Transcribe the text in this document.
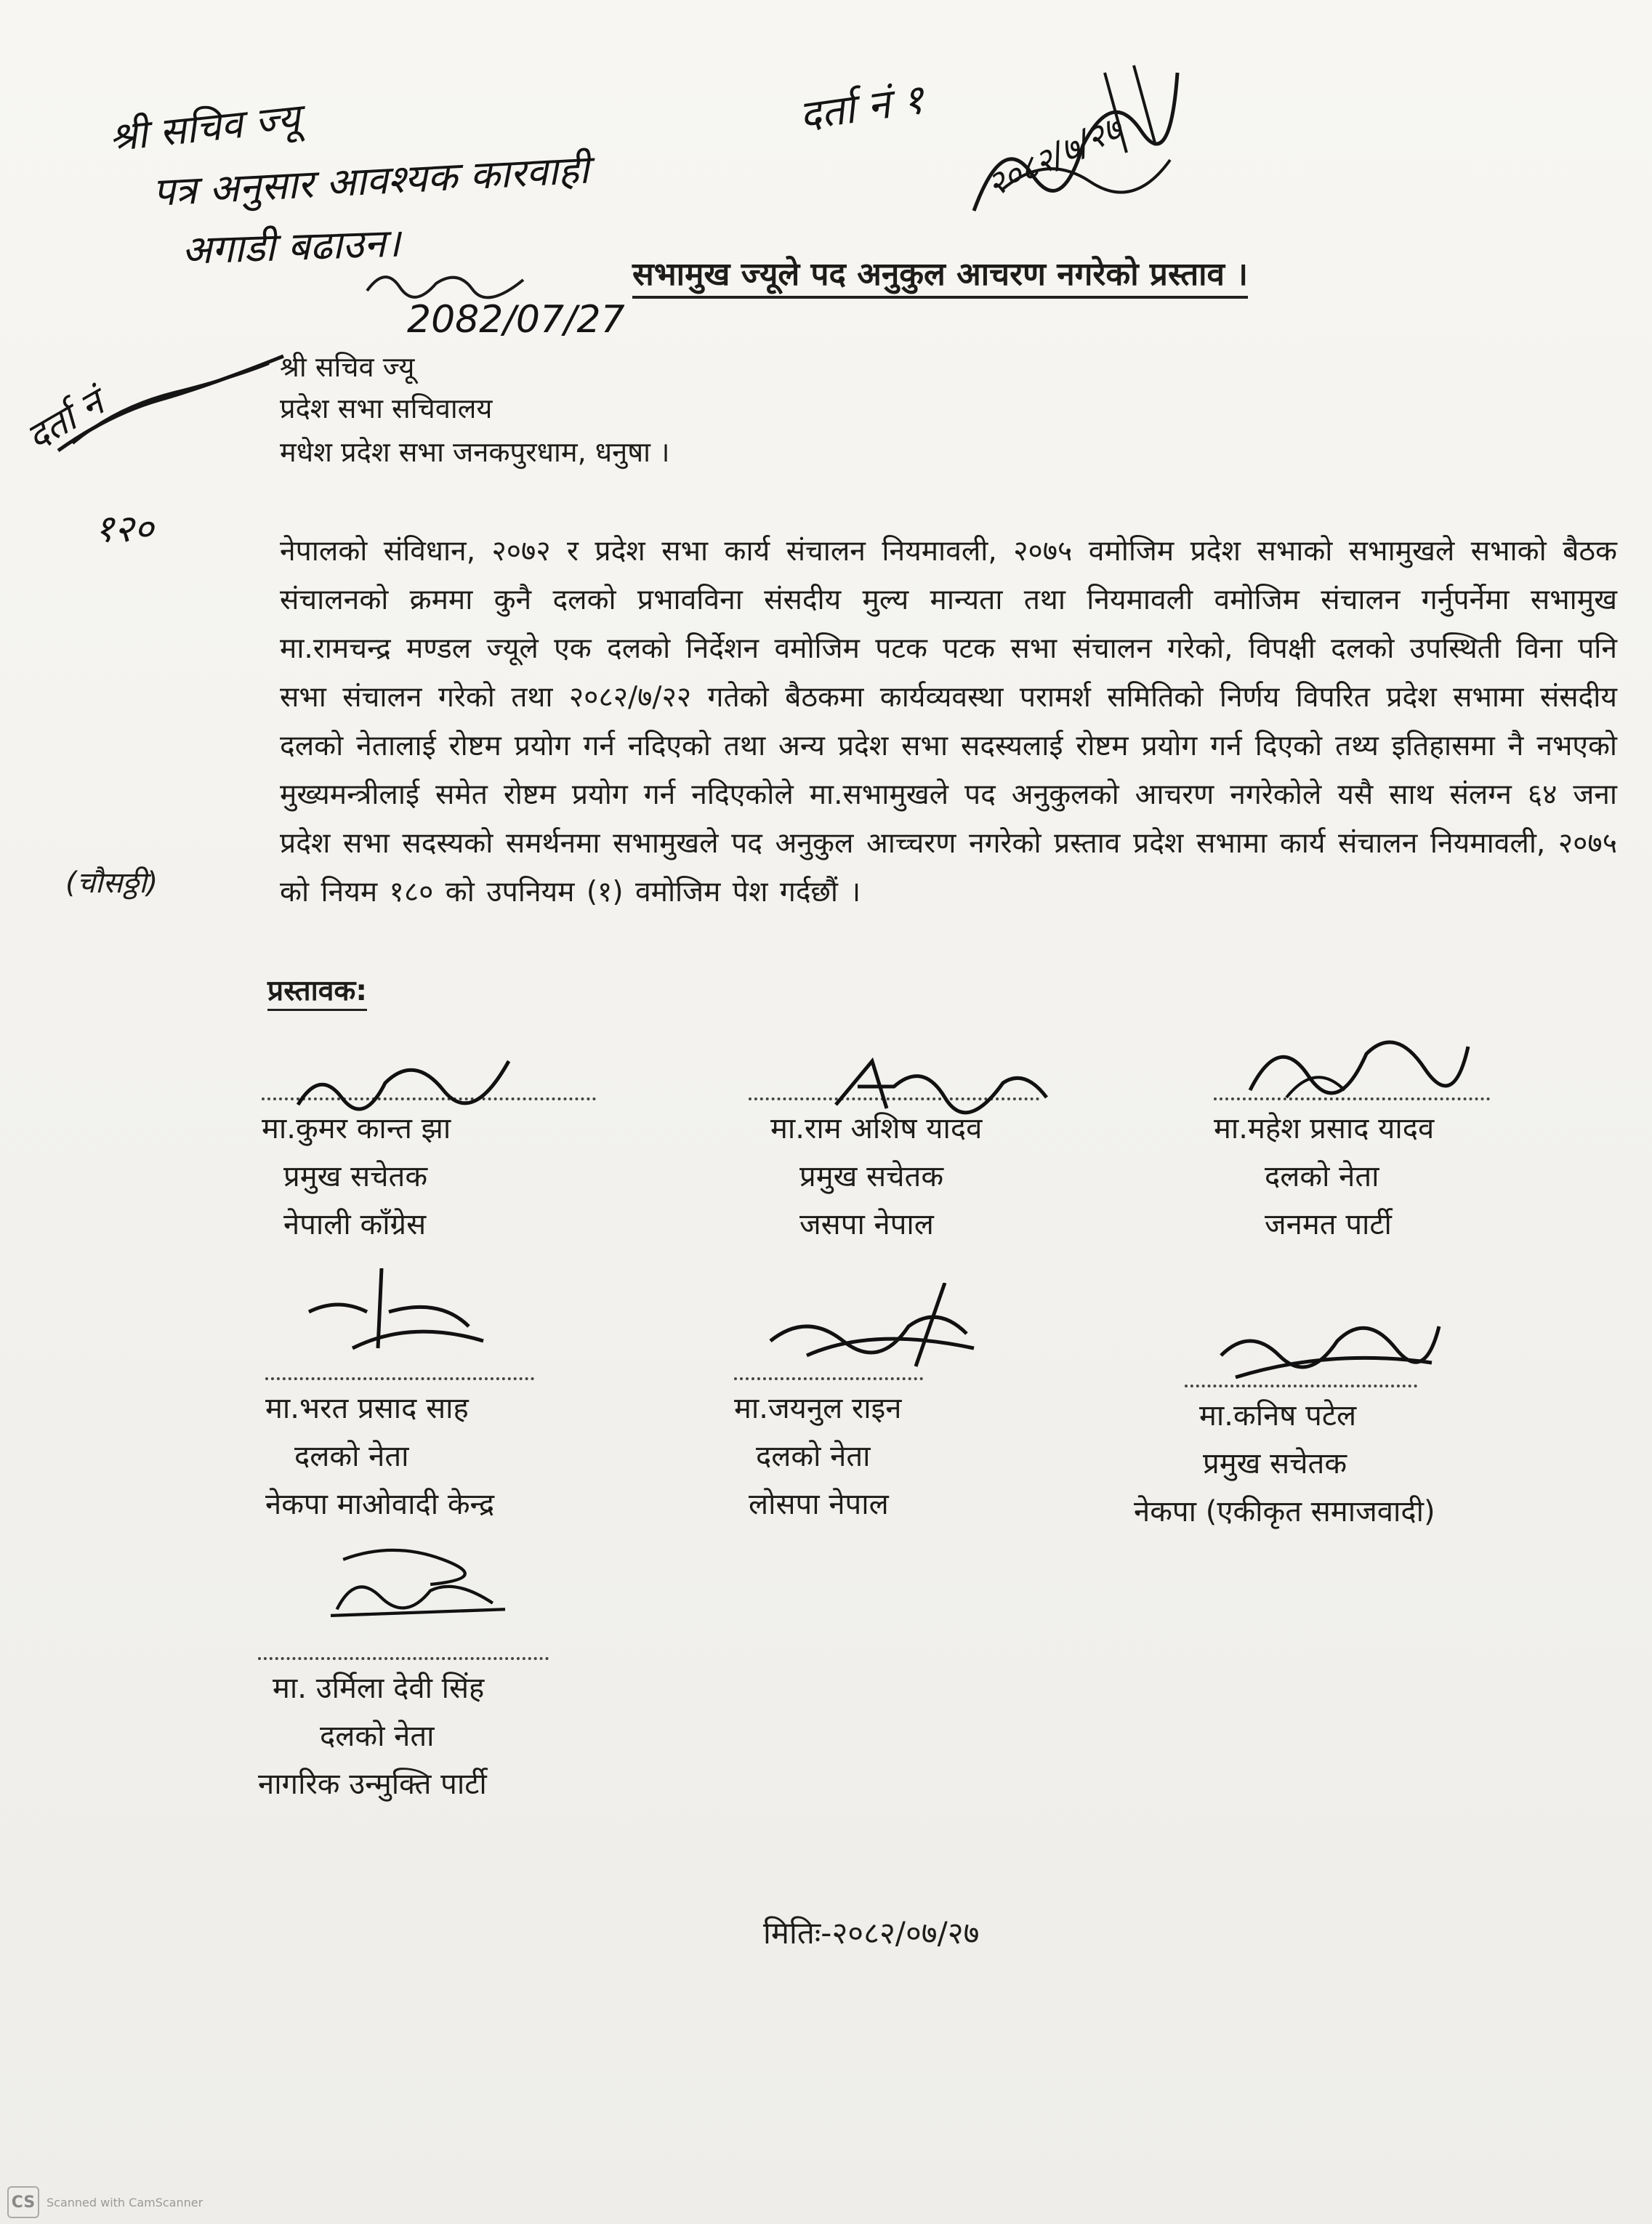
श्री सचिव ज्यू
पत्र अनुसार आवश्यक कारवाही
अगाडी बढाउन।
2082/07/27
दर्ता नं १
२०८२/७/२७
दर्ता नं
१२०
सभामुख ज्यूले पद अनुकुल आचरण नगरेको प्रस्ताव ।
श्री सचिव ज्यू
प्रदेश सभा सचिवालय
मधेश प्रदेश सभा जनकपुरधाम, धनुषा ।
नेपालको संविधान, २०७२ र प्रदेश सभा कार्य संचालन नियमावली, २०७५ वमोजिम प्रदेश सभाको सभामुखले सभाको बैठक संचालनको क्रममा कुनै दलको प्रभावविना संसदीय मुल्य मान्यता तथा नियमावली वमोजिम संचालन गर्नुपर्नेमा सभामुख मा.रामचन्द्र मण्डल ज्यूले एक दलको निर्देशन वमोजिम पटक पटक सभा संचालन गरेको, विपक्षी दलको उपस्थिती विना पनि सभा संचालन गरेको तथा २०८२/७/२२ गतेको बैठकमा कार्यव्यवस्था परामर्श समितिको निर्णय विपरित प्रदेश सभामा संसदीय दलको नेतालाई रोष्टम प्रयोग गर्न नदिएको तथा अन्य प्रदेश सभा सदस्यलाई रोष्टम प्रयोग गर्न दिएको तथ्य इतिहासमा नै नभएको मुख्यमन्त्रीलाई समेत रोष्टम प्रयोग गर्न नदिएकोले मा.सभामुखले पद अनुकुलको आचरण नगरेकोले यसै साथ संलग्न ६४ जना प्रदेश सभा सदस्यको समर्थनमा सभामुखले पद अनुकुल आच्चरण नगरेको प्रस्ताव प्रदेश सभामा कार्य संचालन नियमावली, २०७५ को नियम १८० को उपनियम (१) वमोजिम पेश गर्दछौं ।
(चौसठ्ठी)
प्रस्तावक:
मा.कुमर कान्त झा
प्रमुख सचेतक
नेपाली काँग्रेस
मा.राम अशिष यादव
प्रमुख सचेतक
जसपा नेपाल
मा.महेश प्रसाद यादव
दलको नेता
जनमत पार्टी
मा.भरत प्रसाद साह
दलको नेता
नेकपा माओवादी केन्द्र
मा.जयनुल राइन
दलको नेता
लोसपा नेपाल
मा.कनिष पटेल
प्रमुख सचेतक
नेकपा (एकीकृत समाजवादी)
मा. उर्मिला देवी सिंह
दलको नेता
नागरिक उन्मुक्ति पार्टी
मितिः-२०८२/०७/२७
CS Scanned with CamScanner
